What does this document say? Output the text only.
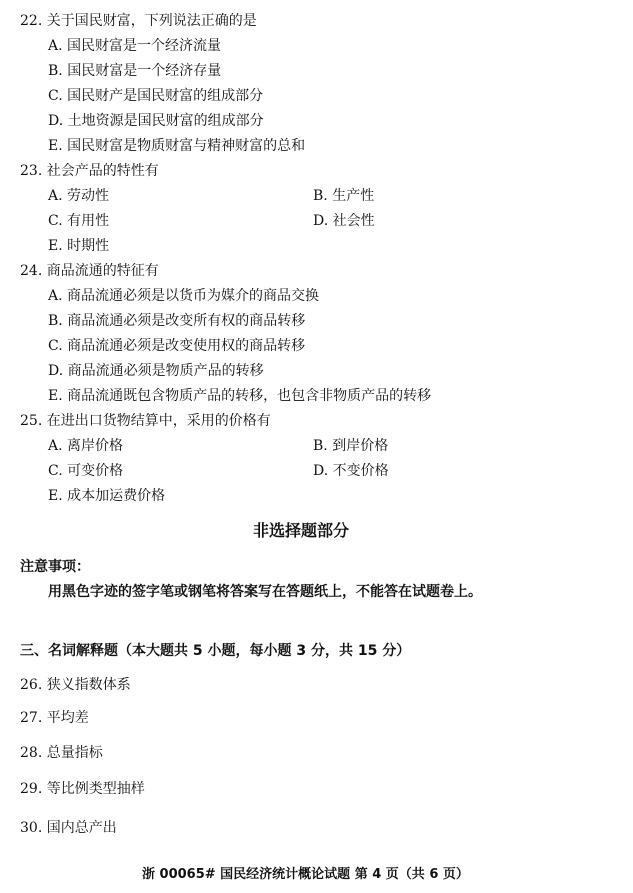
22. 关于国民财富，下列说法正确的是
A. 国民财富是一个经济流量
B. 国民财富是一个经济存量
C. 国民财产是国民财富的组成部分
D. 土地资源是国民财富的组成部分
E. 国民财富是物质财富与精神财富的总和
23. 社会产品的特性有
A. 劳动性	B. 生产性
C. 有用性	D. 社会性
E. 时期性
24. 商品流通的特征有
A. 商品流通必须是以货币为媒介的商品交换
B. 商品流通必须是改变所有权的商品转移
C. 商品流通必须是改变使用权的商品转移
D. 商品流通必须是物质产品的转移
E. 商品流通既包含物质产品的转移，也包含非物质产品的转移
25. 在进出口货物结算中，采用的价格有
A. 离岸价格	B. 到岸价格
C. 可变价格	D. 不变价格
E. 成本加运费价格
非选择题部分
注意事项：
用黑色字迹的签字笔或钢笔将答案写在答题纸上，不能答在试题卷上。
三、名词解释题（本大题共 5 小题，每小题 3 分，共 15 分）
26. 狭义指数体系
27. 平均差
28. 总量指标
29. 等比例类型抽样
30. 国内总产出
浙 00065# 国民经济统计概论试题 第 4 页（共 6 页）
